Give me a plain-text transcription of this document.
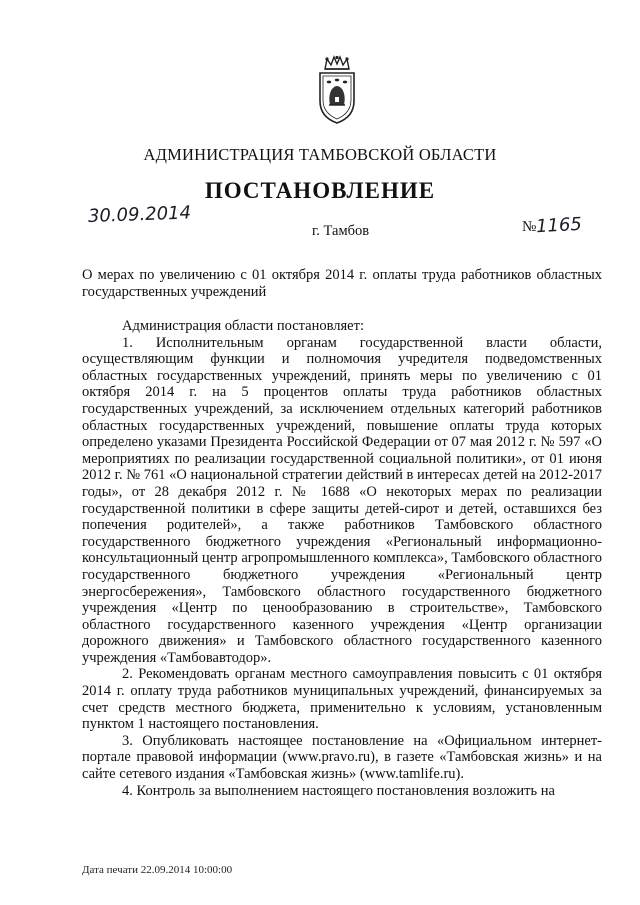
АДМИНИСТРАЦИЯ ТАМБОВСКОЙ ОБЛАСТИ
ПОСТАНОВЛЕНИЕ
30.09.2014
г. Тамбов	№1165
О мерах по увеличению с 01 октября 2014 г. оплаты труда работников областных государственных учреждений

Администрация области постановляет:

1. Исполнительным органам государственной власти области, осуществляющим функции и полномочия учредителя подведомственных областных государственных учреждений, принять меры по увеличению с 01 октября 2014 г. на 5 процентов оплаты труда работников областных государственных учреждений, за исключением отдельных категорий работников областных государственных учреждений, повышение оплаты труда которых определено указами Президента Российской Федерации от 07 мая 2012 г. № 597 «О мероприятиях по реализации государственной социальной политики», от 01 июня 2012 г. № 761 «О национальной стратегии действий в интересах детей на 2012-2017 годы», от 28 декабря 2012 г. № 1688 «О некоторых мерах по реализации государственной политики в сфере защиты детей-сирот и детей, оставшихся без попечения родителей», а также работников Тамбовского областного государственного бюджетного учреждения «Региональный информационно-консультационный центр агропромышленного комплекса», Тамбовского областного государственного бюджетного учреждения «Региональный центр энергосбережения», Тамбовского областного государственного бюджетного учреждения «Центр по ценообразованию в строительстве», Тамбовского областного государственного казенного учреждения «Центр организации дорожного движения» и Тамбовского областного государственного казенного учреждения «Тамбовавтодор».

2. Рекомендовать органам местного самоуправления повысить с 01 октября 2014 г. оплату труда работников муниципальных учреждений, финансируемых за счет средств местного бюджета, применительно к условиям, установленным пунктом 1 настоящего постановления.

3. Опубликовать настоящее постановление на «Официальном интернет-портале правовой информации (www.pravo.ru), в газете «Тамбовская жизнь» и на сайте сетевого издания «Тамбовская жизнь» (www.tamlife.ru).

4. Контроль за выполнением настоящего постановления возложить на

Дата печати 22.09.2014 10:00:00
